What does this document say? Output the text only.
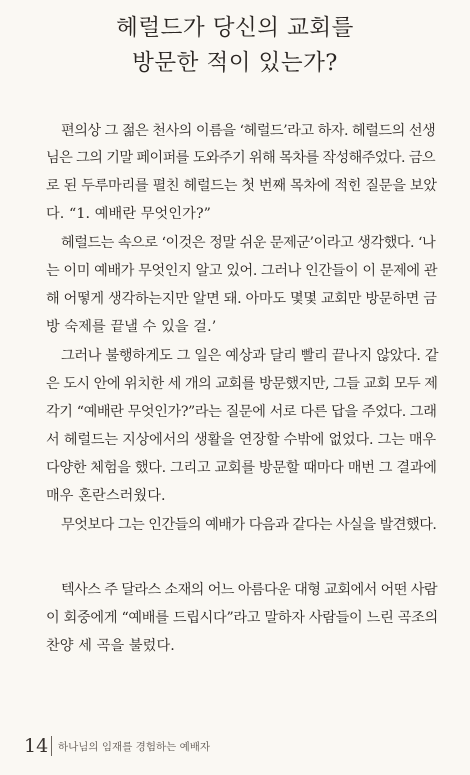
헤럴드가 당신의 교회를
방문한 적이 있는가?
편의상 그 젊은 천사의 이름을 ‘헤럴드’라고 하자. 헤럴드의 선생
님은 그의 기말 페이퍼를 도와주기 위해 목차를 작성해주었다. 금으
로 된 두루마리를 펼친 헤럴드는 첫 번째 목차에 적힌 질문을 보았
다. “1. 예배란 무엇인가?”
헤럴드는 속으로 ‘이것은 정말 쉬운 문제군’이라고 생각했다. ‘나
는 이미 예배가 무엇인지 알고 있어. 그러나 인간들이 이 문제에 관
해 어떻게 생각하는지만 알면 돼. 아마도 몇몇 교회만 방문하면 금
방 숙제를 끝낼 수 있을 걸.’
그러나 불행하게도 그 일은 예상과 달리 빨리 끝나지 않았다. 같
은 도시 안에 위치한 세 개의 교회를 방문했지만, 그들 교회 모두 제
각기 “예배란 무엇인가?”라는 질문에 서로 다른 답을 주었다. 그래
서 헤럴드는 지상에서의 생활을 연장할 수밖에 없었다. 그는 매우
다양한 체험을 했다. 그리고 교회를 방문할 때마다 매번 그 결과에
매우 혼란스러웠다.
무엇보다 그는 인간들의 예배가 다음과 같다는 사실을 발견했다.
텍사스 주 달라스 소재의 어느 아름다운 대형 교회에서 어떤 사람
이 회중에게 “예배를 드립시다”라고 말하자 사람들이 느린 곡조의
찬양 세 곡을 불렀다.
14 하나님의 임재를 경험하는 예배자
